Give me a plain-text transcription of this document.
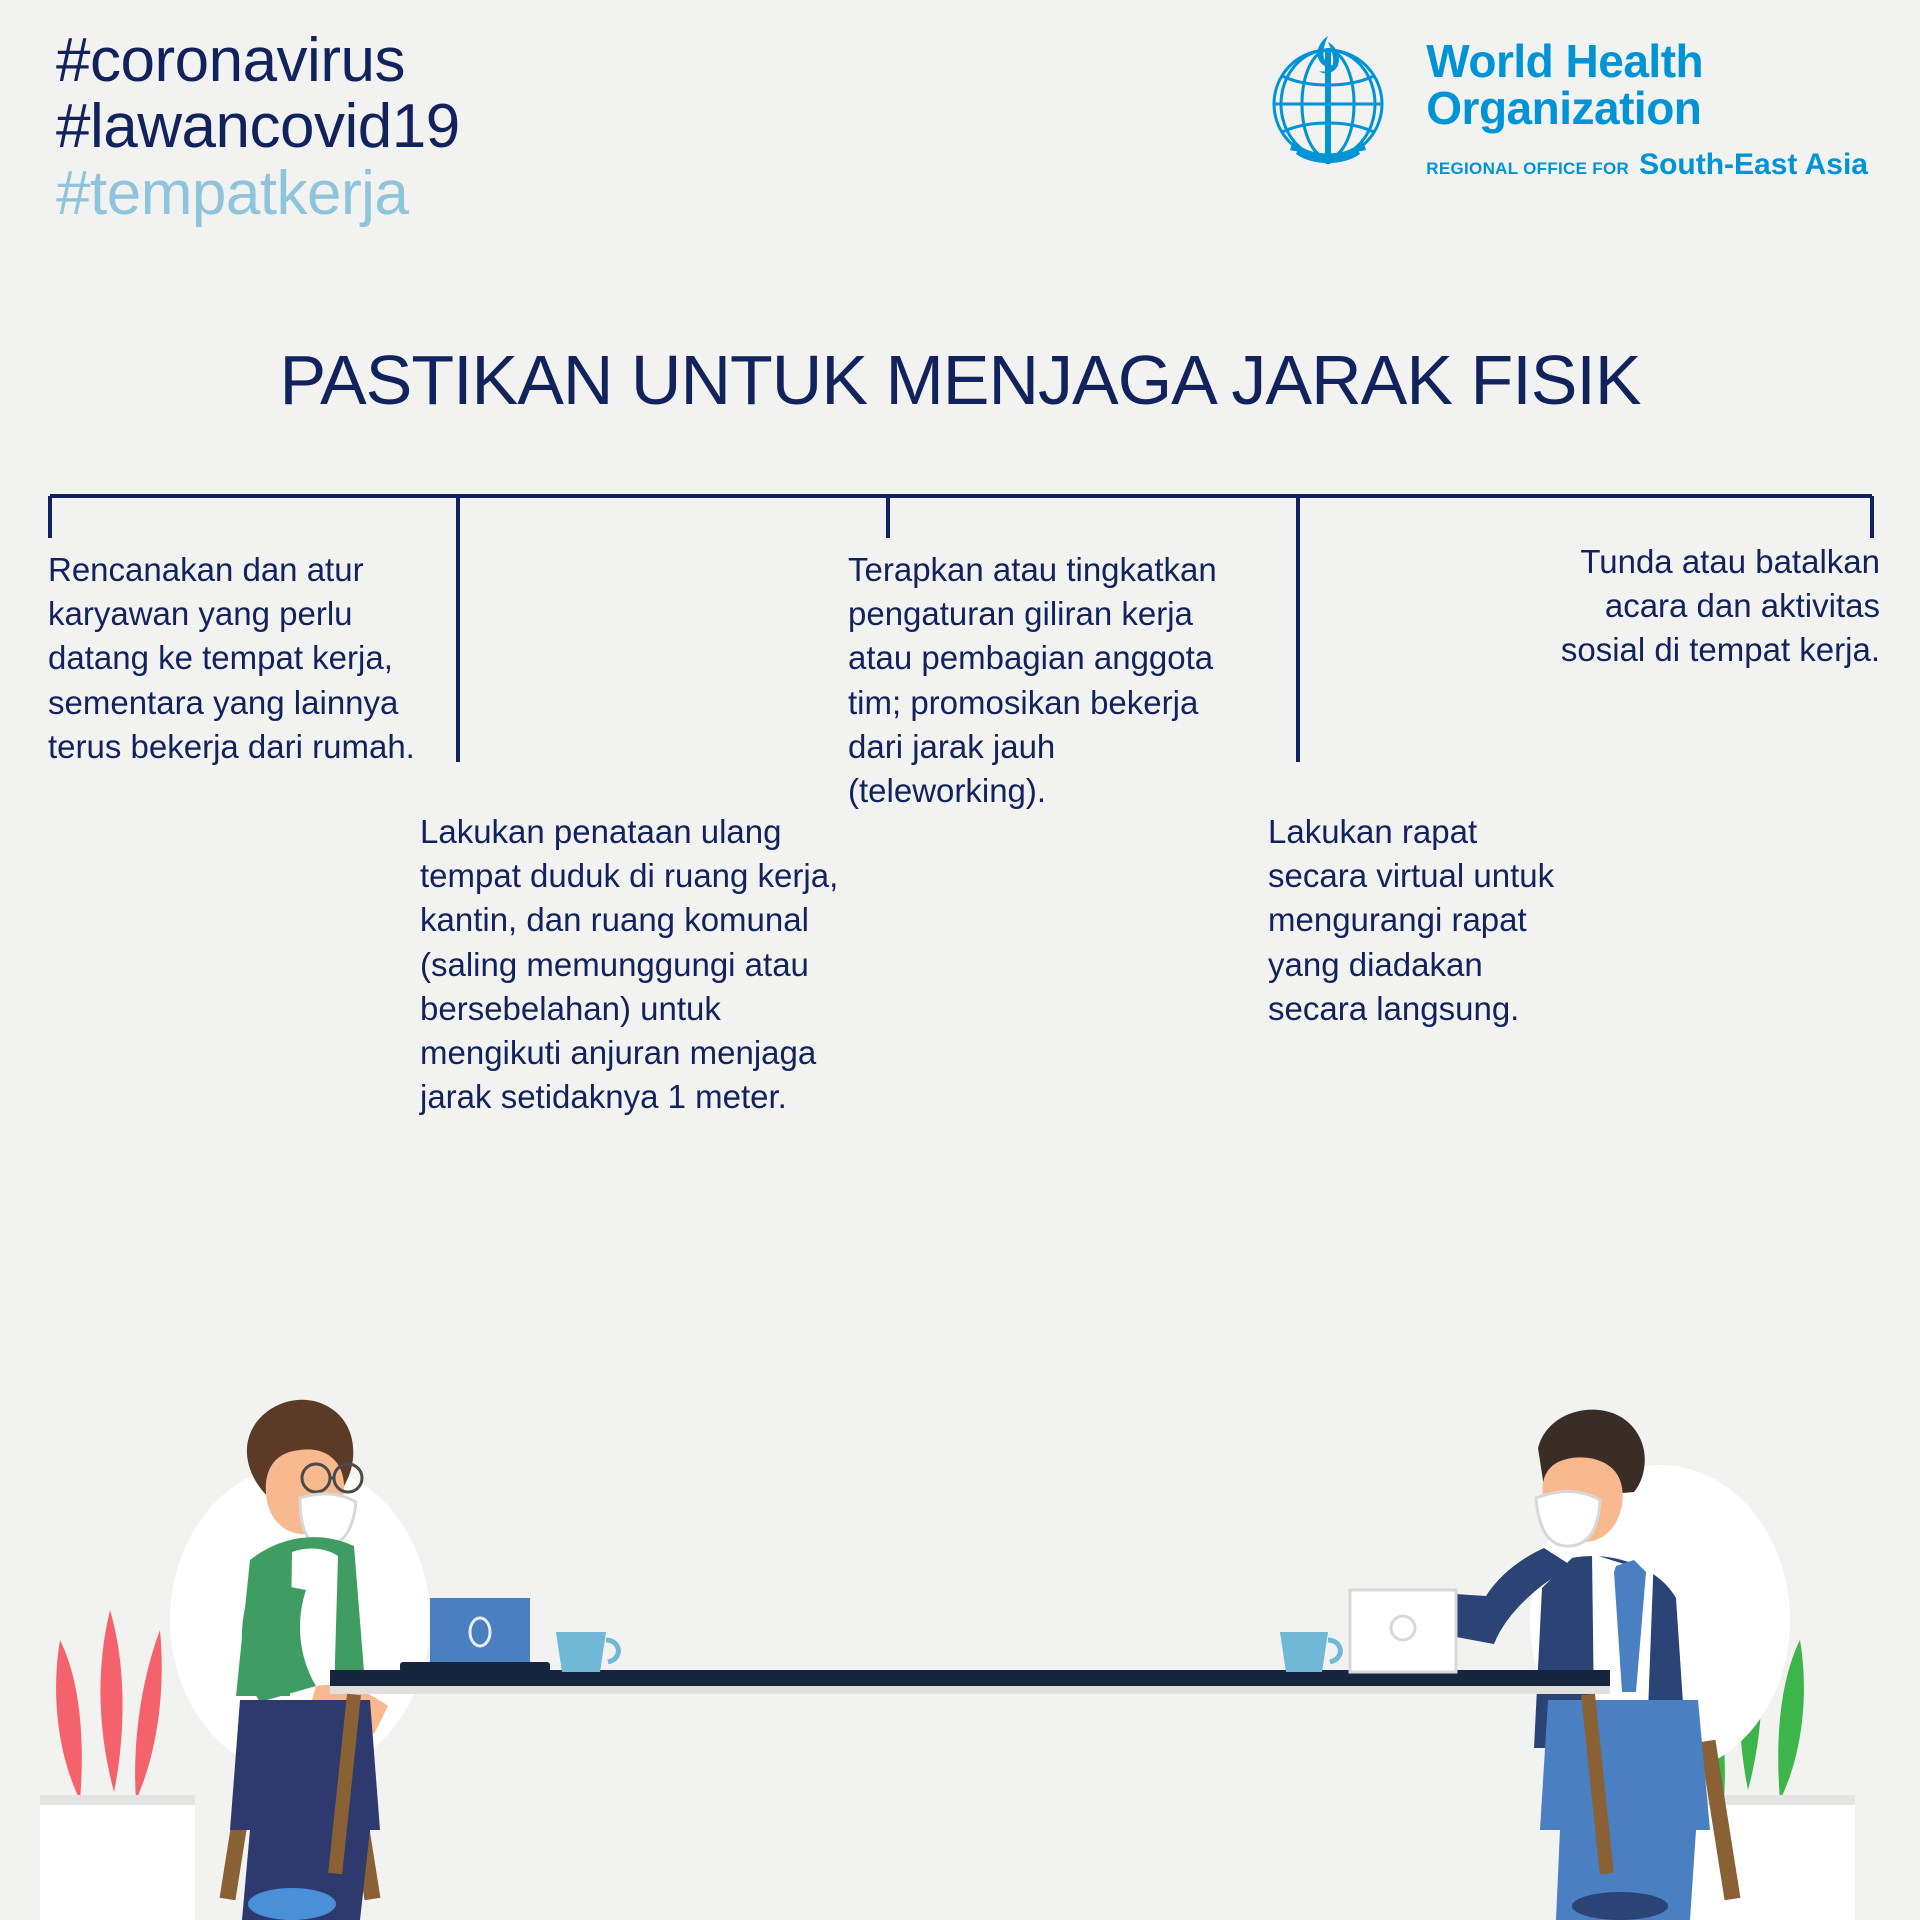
#coronavirus
#lawancovid19
#tempatkerja
World Health
Organization
REGIONAL OFFICE FOR South-East Asia
PASTIKAN UNTUK MENJAGA JARAK FISIK
Rencanakan dan atur karyawan yang perlu datang ke tempat kerja, sementara yang lainnya terus bekerja dari rumah.
Lakukan penataan ulang tempat duduk di ruang kerja, kantin, dan ruang komunal (saling memunggungi atau bersebelahan) untuk mengikuti anjuran menjaga jarak setidaknya 1 meter.
Terapkan atau tingkatkan pengaturan giliran kerja atau pembagian anggota tim; promosikan bekerja dari jarak jauh (teleworking).
Lakukan rapat secara virtual untuk mengurangi rapat yang diadakan secara langsung.
Tunda atau batalkan acara dan aktivitas sosial di tempat kerja.
